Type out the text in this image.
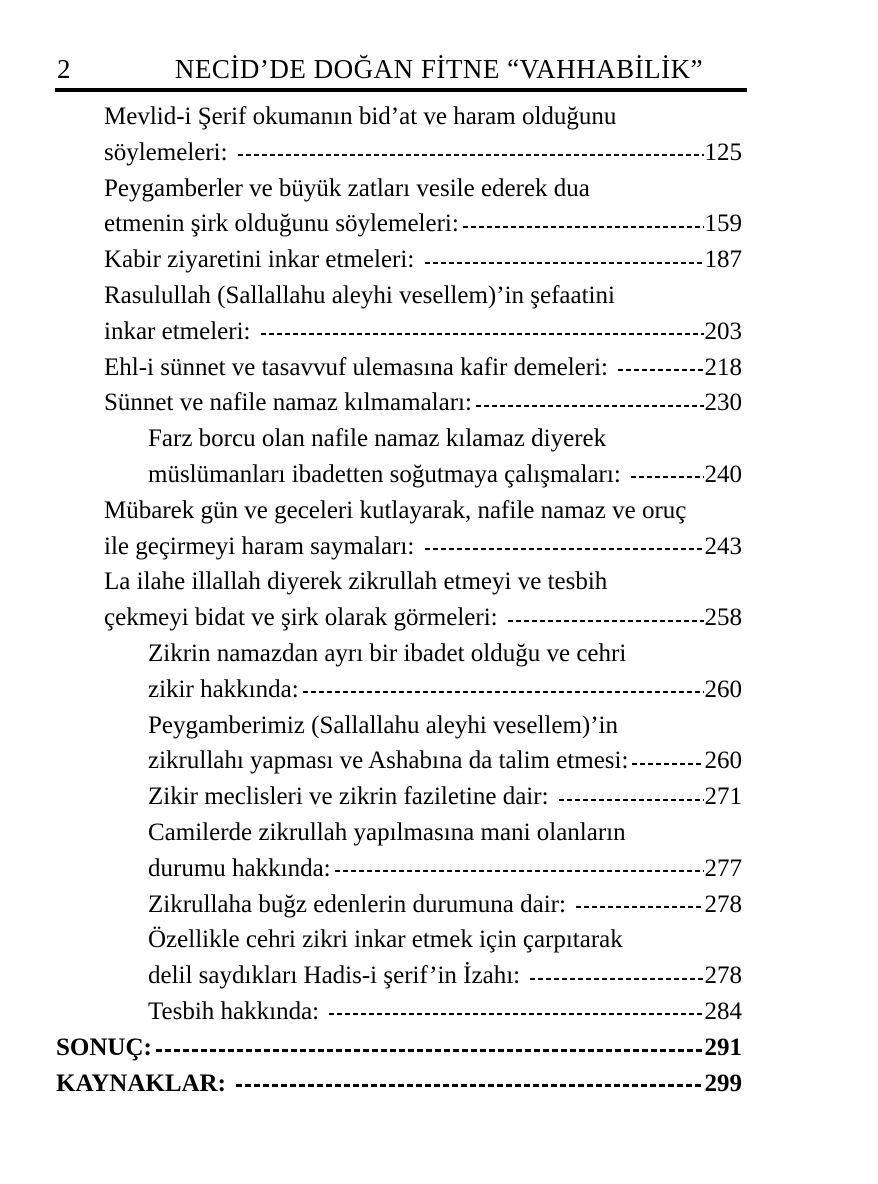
2	NECİD’DE DOĞAN FİTNE “VAHHABİLİK”
Mevlid-i Şerif okumanın bid’at ve haram olduğunu
söylemeleri:	125
Peygamberler ve büyük zatları vesile ederek dua
etmenin şirk olduğunu söylemeleri:	159
Kabir ziyaretini inkar etmeleri:	187
Rasulullah (Sallallahu aleyhi vesellem)’in şefaatini
inkar etmeleri:	203
Ehl-i sünnet ve tasavvuf ulemasına kafir demeleri:	218
Sünnet ve nafile namaz kılmamaları:	230
Farz borcu olan nafile namaz kılamaz diyerek
müslümanları ibadetten soğutmaya çalışmaları:	240
Mübarek gün ve geceleri kutlayarak, nafile namaz ve oruç
ile geçirmeyi haram saymaları:	243
La ilahe illallah diyerek zikrullah etmeyi ve tesbih
çekmeyi bidat ve şirk olarak görmeleri:	258
Zikrin namazdan ayrı bir ibadet olduğu ve cehri
zikir hakkında:	260
Peygamberimiz (Sallallahu aleyhi vesellem)’in
zikrullahı yapması ve Ashabına da talim etmesi:	260
Zikir meclisleri ve zikrin faziletine dair:	271
Camilerde zikrullah yapılmasına mani olanların
durumu hakkında:	277
Zikrullaha buğz edenlerin durumuna dair:	278
Özellikle cehri zikri inkar etmek için çarpıtarak
delil saydıkları Hadis-i şerif’in İzahı:	278
Tesbih hakkında:	284
SONUÇ:	291
KAYNAKLAR:	299
